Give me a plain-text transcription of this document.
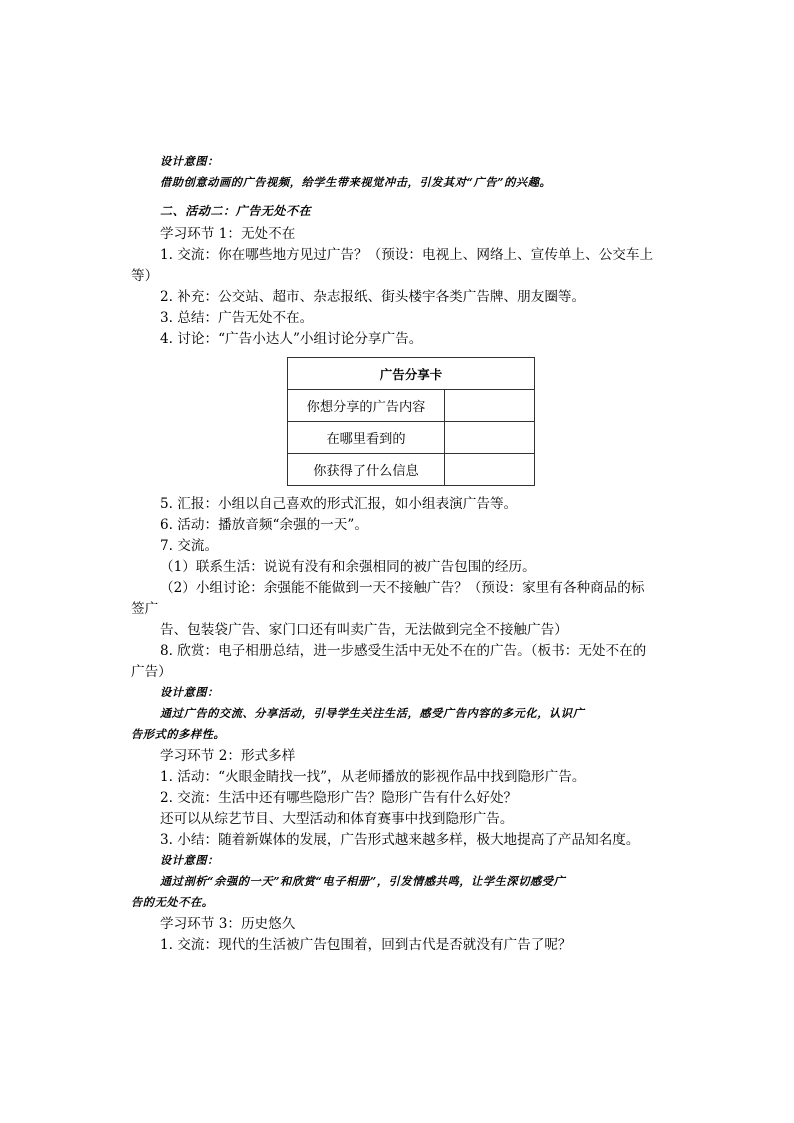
设计意图：
借助创意动画的广告视频，给学生带来视觉冲击，引发其对“广告”的兴趣。
二、活动二：广告无处不在
学习环节 1：无处不在
1. 交流：你在哪些地方见过广告？（预设：电视上、网络上、宣传单上、公交车上
等）
2. 补充：公交站、超市、杂志报纸、街头楼宇各类广告牌、朋友圈等。
3. 总结：广告无处不在。
4. 讨论：“广告小达人”小组讨论分享广告。
广告分享卡	
你想分享的广告内容	
在哪里看到的	
你获得了什么信息	
5. 汇报：小组以自己喜欢的形式汇报，如小组表演广告等。
6. 活动：播放音频“余强的一天”。
7. 交流。
（1）联系生活：说说有没有和余强相同的被广告包围的经历。
（2）小组讨论：余强能不能做到一天不接触广告？（预设：家里有各种商品的标
签广
告、包装袋广告、家门口还有叫卖广告，无法做到完全不接触广告）
8. 欣赏：电子相册总结，进一步感受生活中无处不在的广告。（板书：无处不在的
广告）
设计意图：
通过广告的交流、分享活动，引导学生关注生活，感受广告内容的多元化，认识广
告形式的多样性。
学习环节 2：形式多样
1. 活动：“火眼金睛找一找”，从老师播放的影视作品中找到隐形广告。
2. 交流：生活中还有哪些隐形广告？隐形广告有什么好处？
还可以从综艺节目、大型活动和体育赛事中找到隐形广告。
3. 小结：随着新媒体的发展，广告形式越来越多样，极大地提高了产品知名度。
设计意图：
通过剖析“余强的一天”和欣赏“电子相册”，引发情感共鸣，让学生深切感受广
告的无处不在。
学习环节 3：历史悠久
1. 交流：现代的生活被广告包围着，回到古代是否就没有广告了呢？
